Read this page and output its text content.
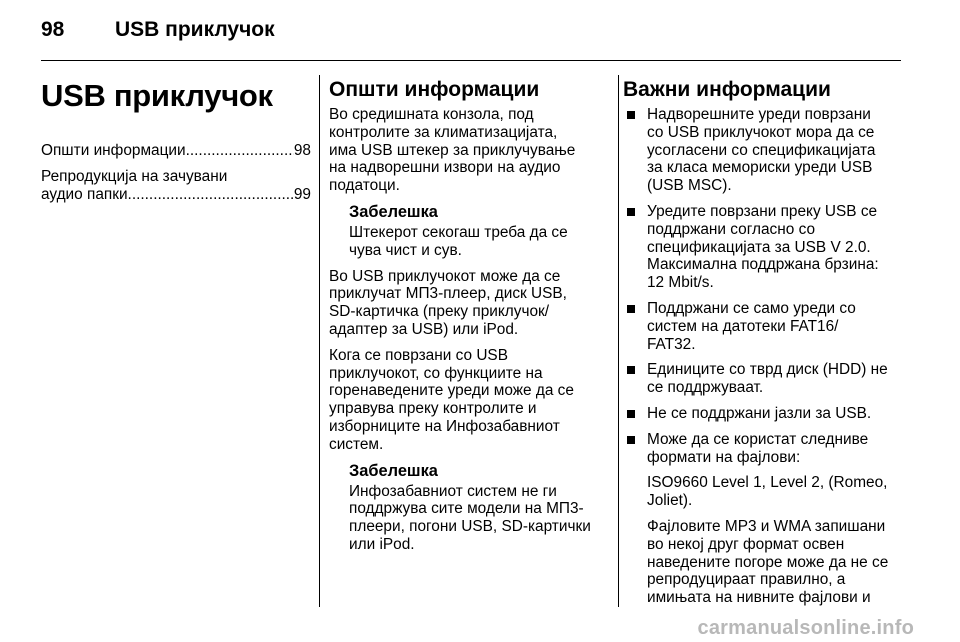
98 USB приклучок
USB приклучок
Општи информации .....	98
Репродукција на зачувани
аудио папки .....	99
Општи информации

Во средишната конзола, под
контролите за климатизацијата,
има USB штекер за приклучување
на надворешни извори на аудио
податоци.

Забелешка
Штекерот секогаш треба да се
чува чист и сув.

Во USB приклучокот може да се
приклучат МП3-плеер, диск USB,
SD-картичка (преку приклучок/
адаптер за USB) или iPod.

Кога се поврзани со USB
приклучокот, со функциите на
горенаведените уреди може да се
управува преку контролите и
изборниците на Инфозабавниот
систем.

Забелешка
Инфозабавниот систем не ги
поддржува сите модели на МП3-
плеери, погони USB, SD-картички
или iPod.
Важни информации
Надворешните уреди поврзани
со USB приклучокот мора да се
усогласени со спецификацијата
за класа мемориски уреди USB
(USB MSC).
Уредите поврзани преку USB се
поддржани согласно со
спецификацијата за USB V 2.0.
Максимална поддржана брзина:
12 Mbit/s.
Поддржани се само уреди со
систем на датотеки FAT16/
FAT32.
Единиците со тврд диск (HDD) не
се поддржуваат.
Не се поддржани јазли за USB.
Може да се користат следниве
формати на фајлови:
ISO9660 Level 1, Level 2, (Romeo,
Joliet).
Фајловите МР3 и WMA запишани
во некој друг формат освен
наведените погоре може да не се
репродуцираат правилно, а
имињата на нивните фајлови и
carmanualsonline.info
